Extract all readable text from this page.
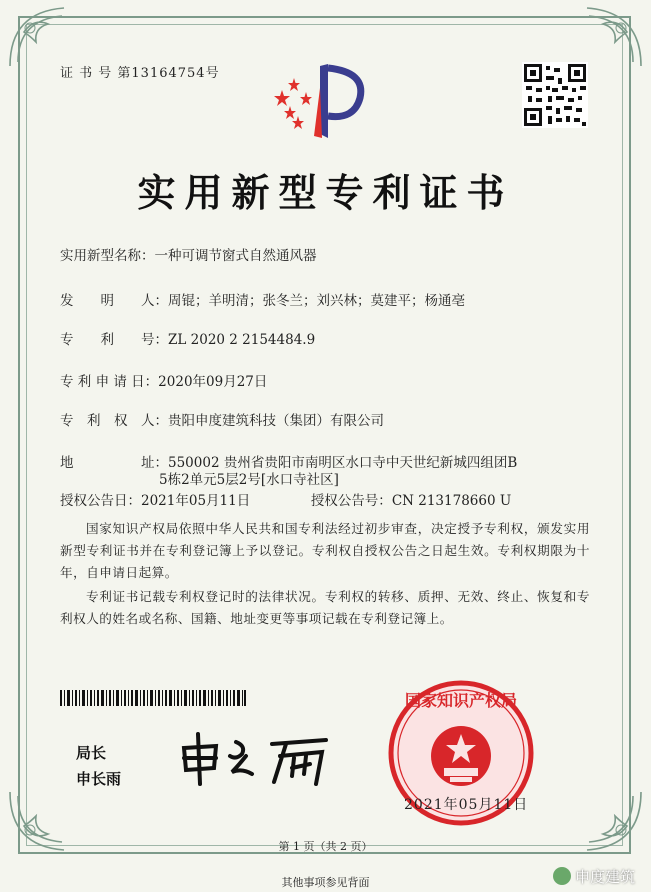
证 书 号 第13164754号
实用新型专利证书
实用新型名称：一种可调节窗式自然通风器
发　　明　　人：周锟；羊明清；张冬兰；刘兴林；莫建平；杨通亳
专　　利　　号：ZL 2020 2 2154484.9
专 利 申 请 日：2020年09月27日
专　利　权　人：贵阳申度建筑科技（集团）有限公司
地　　　　　址：550002 贵州省贵阳市南明区水口寺中天世纪新城四组团B
5栋2单元5层2号[水口寺社区]
授权公告日：2021年05月11日	授权公告号：CN 213178660 U
国家知识产权局依照中华人民共和国专利法经过初步审查，决定授予专利权，颁发实用新型专利证书并在专利登记簿上予以登记。专利权自授权公告之日起生效。专利权期限为十年，自申请日起算。
专利证书记载专利权登记时的法律状况。专利权的转移、质押、无效、终止、恢复和专利权人的姓名或名称、国籍、地址变更等事项记载在专利登记簿上。
局长
申长雨
国家知识产权局
2021年05月11日
第 1 页（共 2 页）
其他事项参见背面	申度建筑
